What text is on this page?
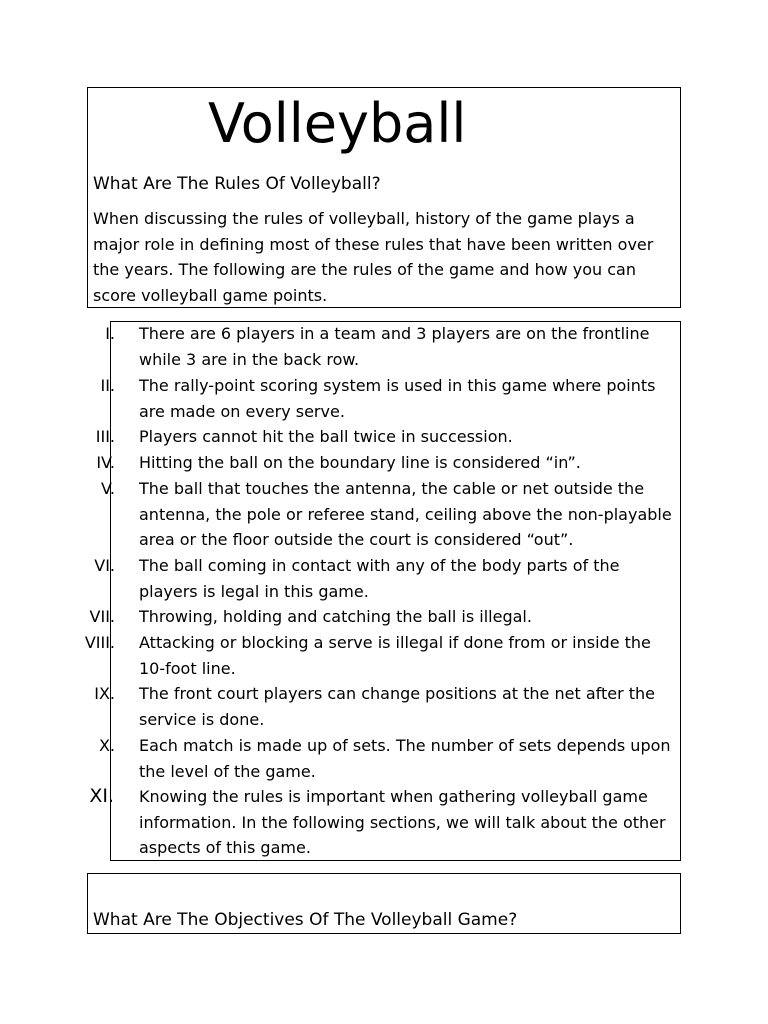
Volleyball
What Are The Rules Of Volleyball?

When discussing the rules of volleyball, history of the game plays a major role in defining most of these rules that have been written over the years. The following are the rules of the game and how you can score volleyball game points.

I. There are 6 players in a team and 3 players are on the frontline while 3 are in the back row.
II. The rally-point scoring system is used in this game where points are made on every serve.
III. Players cannot hit the ball twice in succession.
IV. Hitting the ball on the boundary line is considered “in”.
V. The ball that touches the antenna, the cable or net outside the antenna, the pole or referee stand, ceiling above the non-playable area or the floor outside the court is considered “out”.
VI. The ball coming in contact with any of the body parts of the players is legal in this game.
VII. Throwing, holding and catching the ball is illegal.
VIII. Attacking or blocking a serve is illegal if done from or inside the 10-foot line.
IX. The front court players can change positions at the net after the service is done.
X. Each match is made up of sets. The number of sets depends upon the level of the game.
XI. Knowing the rules is important when gathering volleyball game information. In the following sections, we will talk about the other aspects of this game.
What Are The Objectives Of The Volleyball Game?
